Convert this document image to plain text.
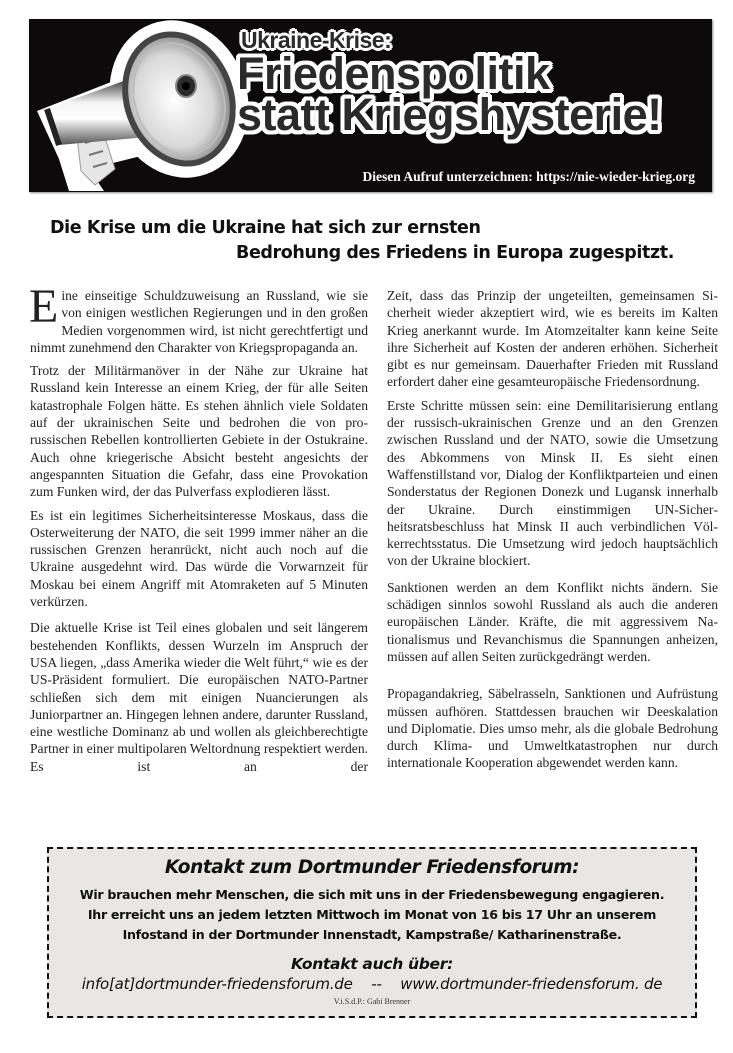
Ukraine-Krise:
Friedenspolitik
statt Kriegshysterie!
Diesen Aufruf unterzeichnen: https://nie-wieder-krieg.org
Die Krise um die Ukraine hat sich zur ernsten
Bedrohung des Friedens in Europa zugespitzt.

Eine einseitige Schuldzuweisung an Russland, wie sie von einigen westlichen Regierungen und in den großen Medien vorgenommen wird, ist nicht gerechtfertigt und nimmt zunehmend den Charakter von Kriegspropaganda an.

Trotz der Militärmanöver in der Nähe zur Ukraine hat Russland kein Interesse an einem Krieg, der für alle Seiten katastrophale Folgen hätte. Es stehen ähnlich viele Soldaten auf der ukrainischen Seite und bedrohen die von pro-russischen Rebellen kontrollierten Gebiete in der Ostukraine. Auch ohne kriegerische Absicht besteht angesichts der angespannten Situation die Gefahr, dass eine Provokation zum Funken wird, der das Pulverfass explodieren lässt.

Es ist ein legitimes Sicherheitsinteresse Moskaus, dass die Osterweiterung der NATO, die seit 1999 immer näher an die russischen Grenzen heranrückt, nicht auch noch auf die Ukraine ausgedehnt wird. Das würde die Vorwarnzeit für Moskau bei einem Angriff mit Atomraketen auf 5 Minuten verkürzen.

Die aktuelle Krise ist Teil eines globalen und seit längerem bestehenden Konflikts, dessen Wurzeln im Anspruch der USA liegen, „dass Amerika wieder die Welt führt,“ wie es der US-Präsident formuliert. Die europäischen NATO-Partner schließen sich dem mit einigen Nuancierungen als Juniorpartner an. Hingegen lehnen andere, darunter Russland, eine westliche Dominanz ab und wollen als gleichberechtigte Partner in einer multipolaren Weltordnung respektiert werden. Es ist an der

Zeit, dass das Prinzip der ungeteilten, gemeinsamen Sicherheit wieder akzeptiert wird, wie es bereits im Kalten Krieg anerkannt wurde. Im Atomzeitalter kann keine Seite ihre Sicherheit auf Kosten der anderen erhöhen. Sicherheit gibt es nur gemeinsam. Dauerhafter Frieden mit Russland erfordert daher eine gesamteuropäische Friedensordnung.

Erste Schritte müssen sein: eine Demilitarisierung entlang der russisch-ukrainischen Grenze und an den Grenzen zwischen Russland und der NATO, sowie die Umsetzung des Abkommens von Minsk II. Es sieht einen Waffenstillstand vor, Dialog der Konfliktparteien und einen Sonderstatus der Regionen Donezk und Lugansk innerhalb der Ukraine. Durch einstimmigen UN-Sicherheitsratsbeschluss hat Minsk II auch verbindlichen Völkerrechtsstatus. Die Umsetzung wird jedoch hauptsächlich von der Ukraine blockiert.

Sanktionen werden an dem Konflikt nichts ändern. Sie schädigen sinnlos sowohl Russland als auch die anderen europäischen Länder. Kräfte, die mit aggressivem Nationalismus und Revanchismus die Spannungen anheizen, müssen auf allen Seiten zurückgedrängt werden.

Propagandakrieg, Säbelrasseln, Sanktionen und Aufrüstung müssen aufhören. Stattdessen brauchen wir Deeskalation und Diplomatie. Dies umso mehr, als die globale Bedrohung durch Klima- und Umweltkatastrophen nur durch internationale Kooperation abgewendet werden kann.

Kontakt zum Dortmunder Friedensforum:
Wir brauchen mehr Menschen, die sich mit uns in der Friedensbewegung engagieren.
Ihr erreicht uns an jedem letzten Mittwoch im Monat von 16 bis 17 Uhr an unserem
Infostand in der Dortmunder Innenstadt, Kampstraße/ Katharinenstraße.
Kontakt auch über:
info[at]dortmunder-friedensforum.de -- www.dortmunder-friedensforum. de
V.i.S.d.P.: Gabi Brenner
